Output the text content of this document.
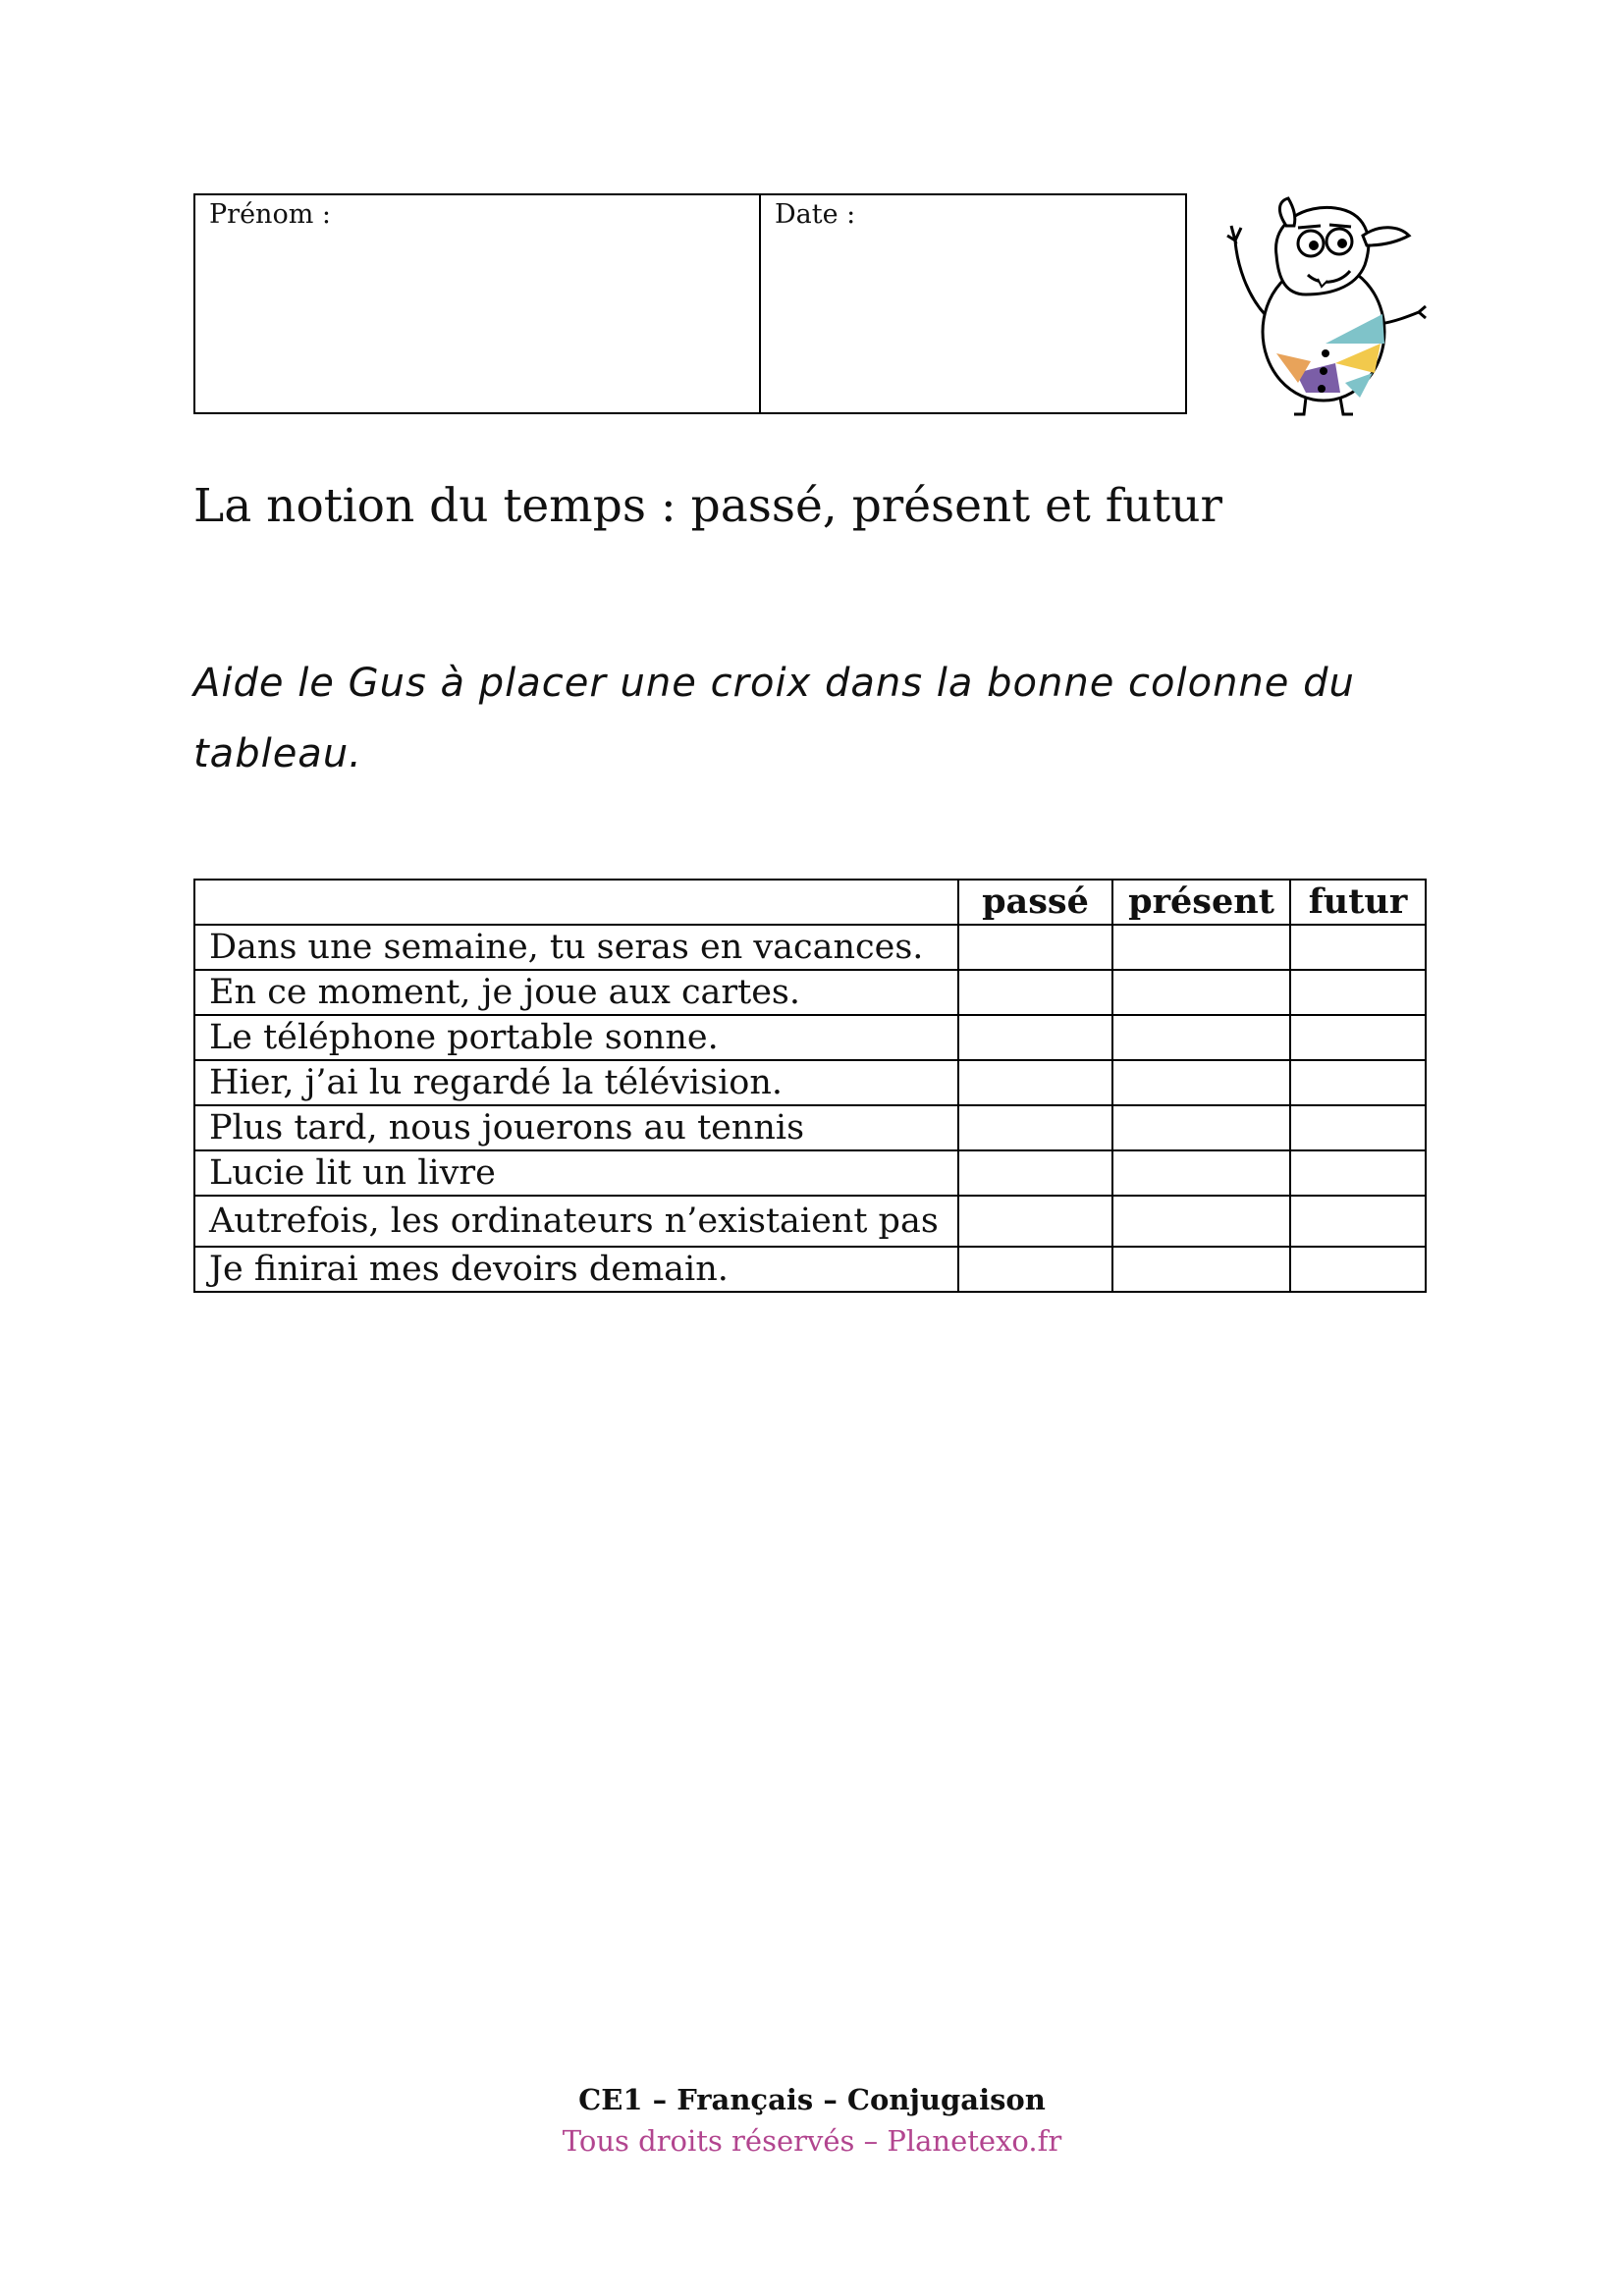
Prénom :	Date :
La notion du temps : passé, présent et futur

Aide le Gus à placer une croix dans la bonne colonne du tableau.

	passé	présent	futur
Dans une semaine, tu seras en vacances.			
En ce moment, je joue aux cartes.			
Le téléphone portable sonne.			
Hier, j’ai lu regardé la télévision.			
Plus tard, nous jouerons au tennis			
Lucie lit un livre			
Autrefois, les ordinateurs n’existaient pas			
Je finirai mes devoirs demain.			
CE1 – Français – Conjugaison
Tous droits réservés – Planetexo.fr
